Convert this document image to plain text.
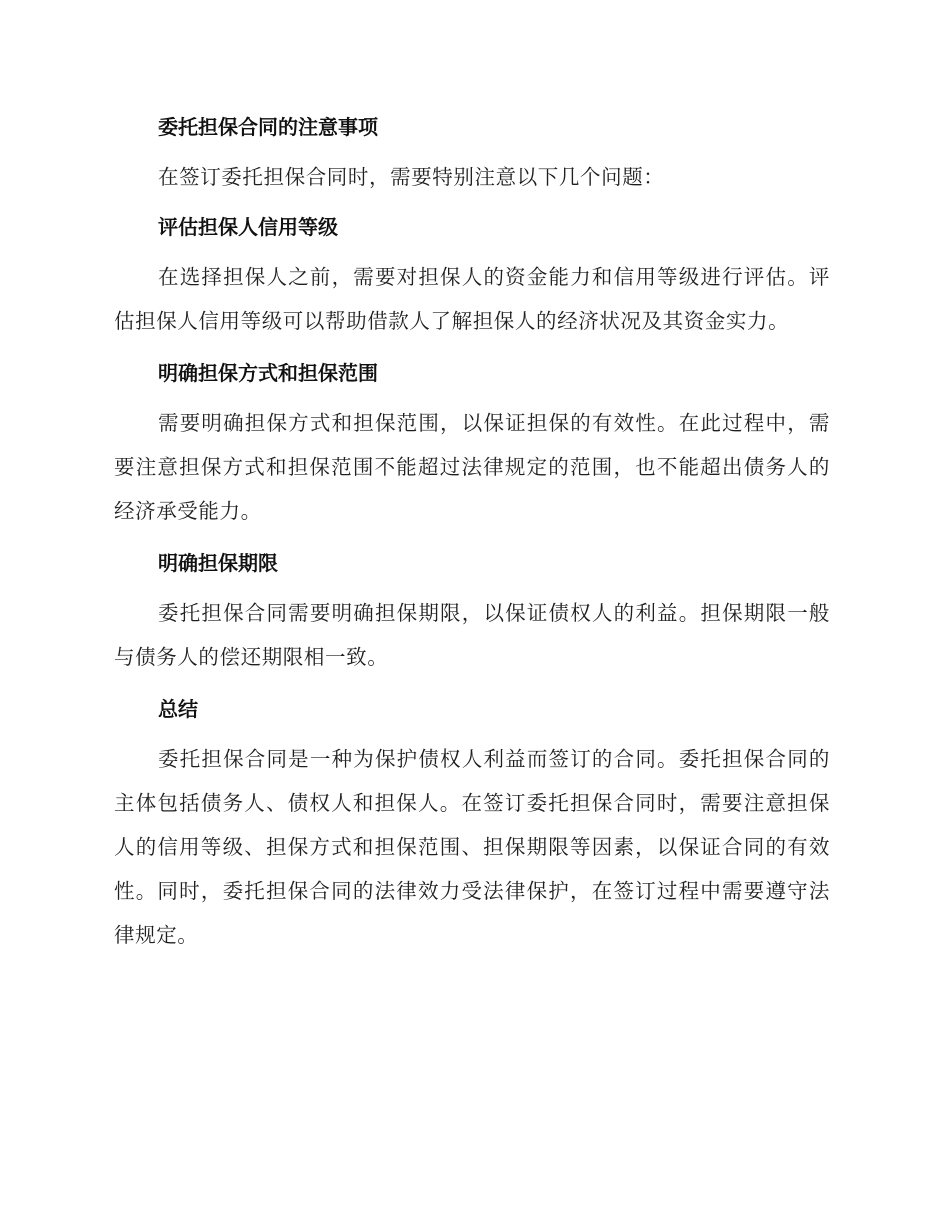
委托担保合同的注意事项

在签订委托担保合同时，需要特别注意以下几个问题：

评估担保人信用等级

在选择担保人之前，需要对担保人的资金能力和信用等级进行评估。评估担保人信用等级可以帮助借款人了解担保人的经济状况及其资金实力。

明确担保方式和担保范围

需要明确担保方式和担保范围，以保证担保的有效性。在此过程中，需要注意担保方式和担保范围不能超过法律规定的范围，也不能超出债务人的经济承受能力。

明确担保期限

委托担保合同需要明确担保期限，以保证债权人的利益。担保期限一般与债务人的偿还期限相一致。

总结

委托担保合同是一种为保护债权人利益而签订的合同。委托担保合同的主体包括债务人、债权人和担保人。在签订委托担保合同时，需要注意担保人的信用等级、担保方式和担保范围、担保期限等因素，以保证合同的有效性。同时，委托担保合同的法律效力受法律保护，在签订过程中需要遵守法律规定。
